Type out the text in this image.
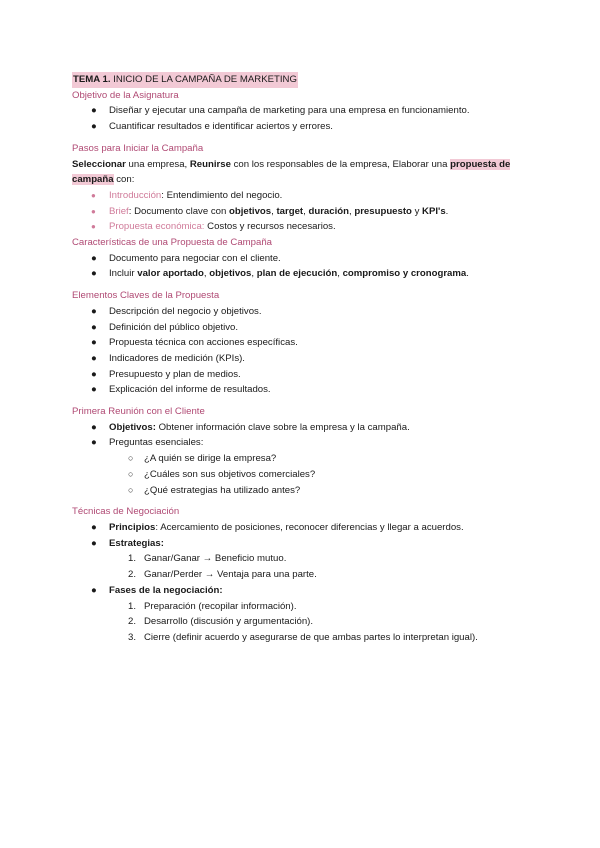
TEMA 1. INICIO DE LA CAMPAÑA DE MARKETING
Objetivo de la Asignatura
● Diseñar y ejecutar una campaña de marketing para una empresa en funcionamiento.
● Cuantificar resultados e identificar aciertos y errores.
Pasos para Iniciar la Campaña

Seleccionar una empresa, Reunirse con los responsables de la empresa, Elaborar una propuesta de campaña con:

● Introducción: Entendimiento del negocio.
● Brief: Documento clave con objetivos, target, duración, presupuesto y KPI's.
● Propuesta económica: Costos y recursos necesarios.
Características de una Propuesta de Campaña
● Documento para negociar con el cliente.
● Incluir valor aportado, objetivos, plan de ejecución, compromiso y cronograma.
Elementos Claves de la Propuesta
● Descripción del negocio y objetivos.
● Definición del público objetivo.
● Propuesta técnica con acciones específicas.
● Indicadores de medición (KPIs).
● Presupuesto y plan de medios.
● Explicación del informe de resultados.
Primera Reunión con el Cliente
● Objetivos: Obtener información clave sobre la empresa y la campaña.
● Preguntas esenciales:
○ ¿A quién se dirige la empresa?
○ ¿Cuáles son sus objetivos comerciales?
○ ¿Qué estrategias ha utilizado antes?
Técnicas de Negociación
● Principios: Acercamiento de posiciones, reconocer diferencias y llegar a acuerdos.
● Estrategias:
1. Ganar/Ganar → Beneficio mutuo.
2. Ganar/Perder → Ventaja para una parte.
● Fases de la negociación:
1. Preparación (recopilar información).
2. Desarrollo (discusión y argumentación).
3. Cierre (definir acuerdo y asegurarse de que ambas partes lo interpretan igual).
